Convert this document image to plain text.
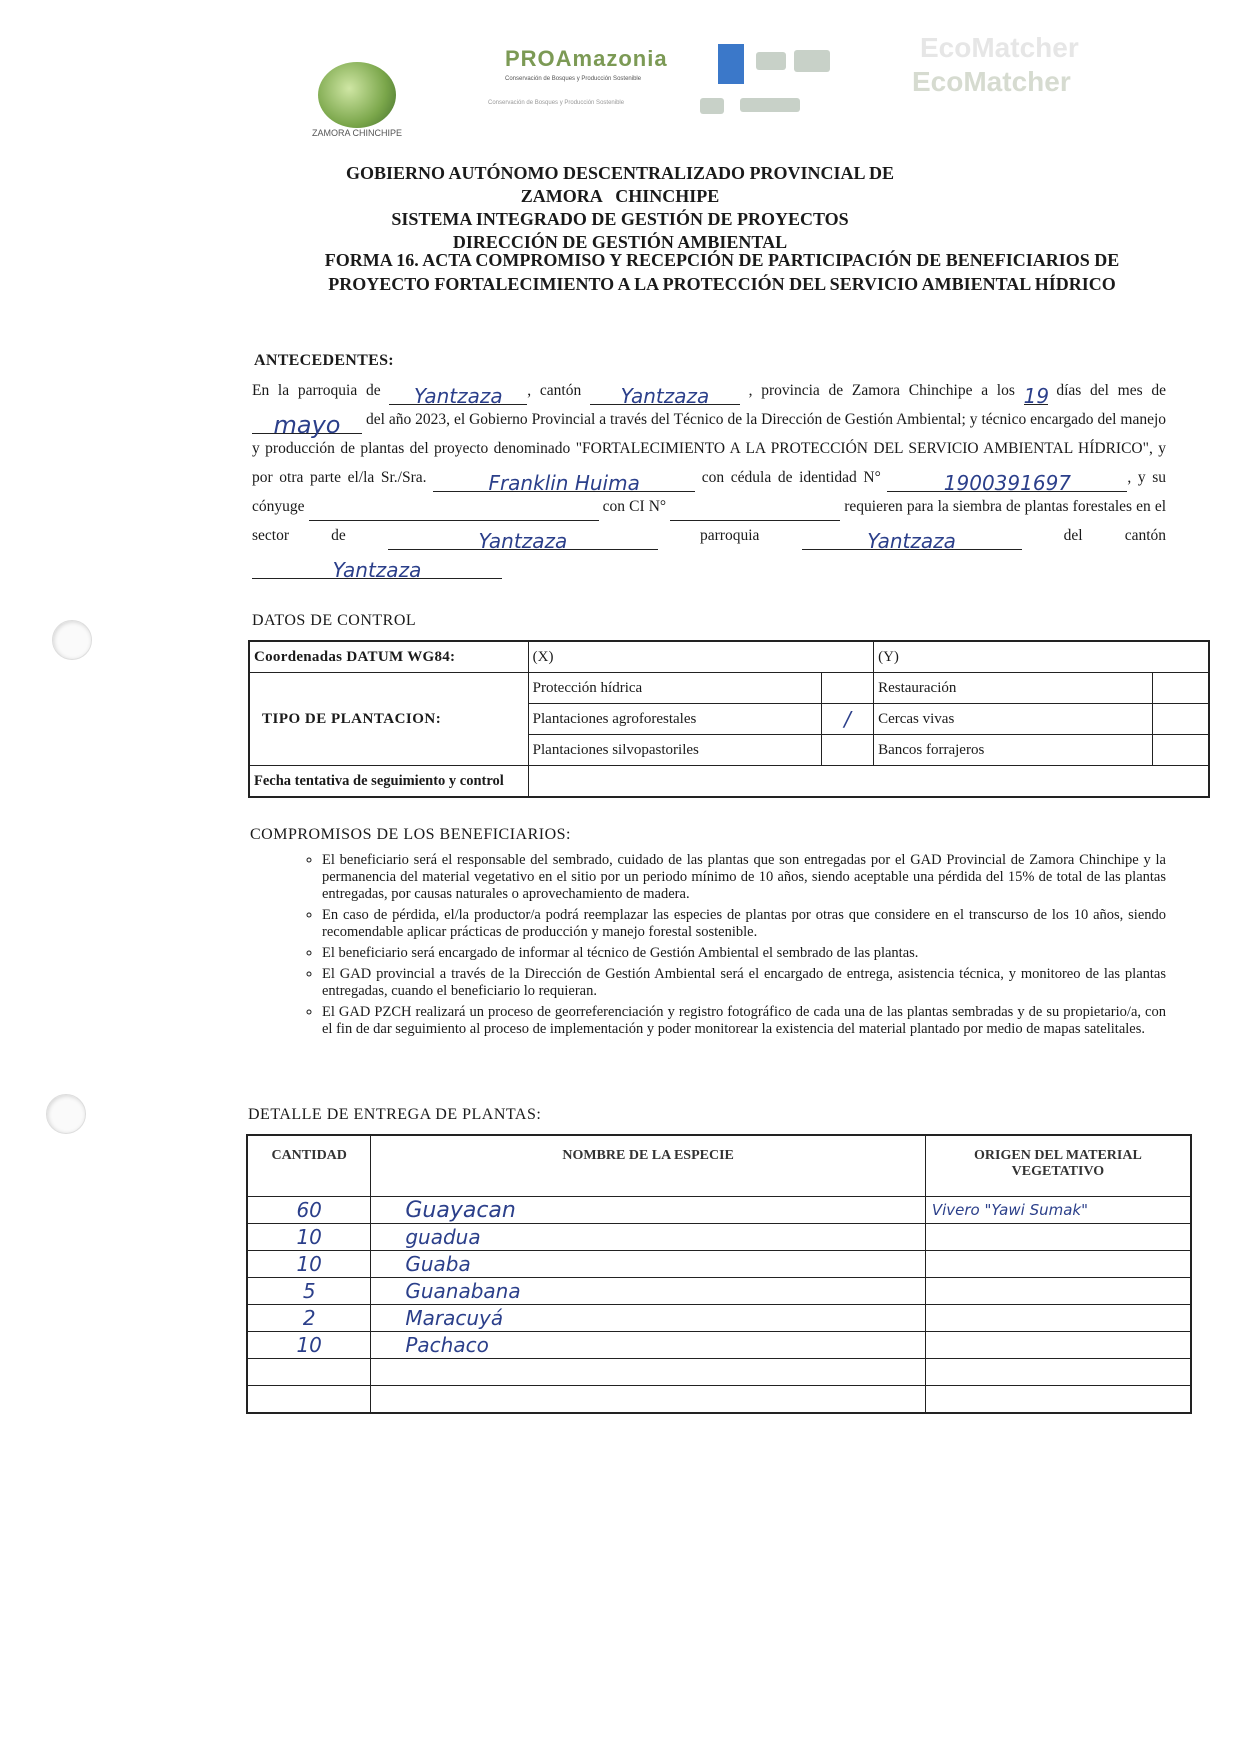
ZAMORA CHINCHIPE
PROAmazonia
Conservación de Bosques y Producción Sostenible
Conservación de Bosques y Producción Sostenible
EcoMatcher
EcoMatcher
GOBIERNO AUTÓNOMO DESCENTRALIZADO PROVINCIAL DE
ZAMORA   CHINCHIPE
SISTEMA INTEGRADO DE GESTIÓN DE PROYECTOS
DIRECCIÓN DE GESTIÓN AMBIENTAL
FORMA 16. ACTA COMPROMISO Y RECEPCIÓN DE PARTICIPACIÓN DE BENEFICIARIOS DE
PROYECTO FORTALECIMIENTO A LA PROTECCIÓN DEL SERVICIO AMBIENTAL HÍDRICO
ANTECEDENTES:

En la parroquia de Yantzaza , cantón Yantzaza	, provincia de Zamora Chinchipe a los 19 días del mes de mayo del año 2023, el Gobierno Provincial a través del Técnico de la Dirección de Gestión Ambiental; y técnico encargado del manejo y producción de plantas del proyecto denominado "FORTALECIMIENTO A LA PROTECCIÓN DEL SERVICIO AMBIENTAL HÍDRICO", y por otra parte el/la Sr./Sra.	Franklin Huima	con cédula de identidad N°	1900391697	, y su cónyuge	con CI N°	requieren para la siembra de plantas forestales en el sector de	Yantzaza	parroquia	Yantzaza	del cantón Yantzaza

DATOS DE CONTROL
Coordenadas DATUM WG84:	(X)		(Y)	
TIPO DE PLANTACION:	Protección hídrica		Restauración	
	Plantaciones agroforestales	/	Cercas vivas	
	Plantaciones silvopastoriles		Bancos forrajeros	
Fecha tentativa de seguimiento y control				
COMPROMISOS DE LOS BENEFICIARIOS:
◦ El beneficiario será el responsable del sembrado, cuidado de las plantas que son entregadas por el GAD Provincial de Zamora Chinchipe y la permanencia del material vegetativo en el sitio por un periodo mínimo de 10 años, siendo aceptable una pérdida del 15% de total de las plantas entregadas, por causas naturales o aprovechamiento de madera.
◦ En caso de pérdida, el/la productor/a podrá reemplazar las especies de plantas por otras que considere en el transcurso de los 10 años, siendo recomendable aplicar prácticas de producción y manejo forestal sostenible.
◦ El beneficiario será encargado de informar al técnico de Gestión Ambiental el sembrado de las plantas.
◦ El GAD provincial a través de la Dirección de Gestión Ambiental será el encargado de entrega, asistencia técnica, y monitoreo de las plantas entregadas, cuando el beneficiario lo requieran.
◦ El GAD PZCH realizará un proceso de georreferenciación y registro fotográfico de cada una de las plantas sembradas y de su propietario/a, con el fin de dar seguimiento al proceso de implementación y poder monitorear la existencia del material plantado por medio de mapas satelitales.
DETALLE DE ENTREGA DE PLANTAS:
CANTIDAD	NOMBRE DE LA ESPECIE	ORIGEN DEL MATERIAL VEGETATIVO
60	Guayacan	Vivero "Yawi Sumak"
10	guadua	
10	Guaba	
5	Guanabana	
2	Maracuyá	
10	Pachaco	
